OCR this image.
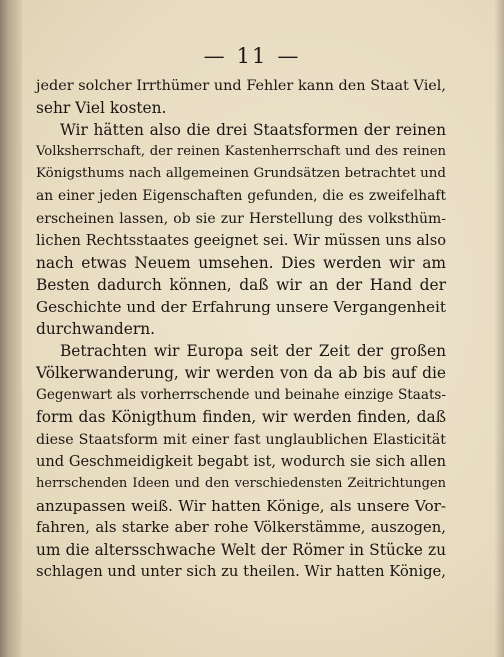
— 11 —
jeder solcher Irrthümer und Fehler kann den Staat Viel,
sehr Viel kosten.
Wir hätten also die drei Staatsformen der reinen
Volksherrschaft, der reinen Kastenherrschaft und des reinen
Königsthums nach allgemeinen Grundsätzen betrachtet und
an einer jeden Eigenschaften gefunden, die es zweifelhaft
erscheinen lassen, ob sie zur Herstellung des volksthüm-
lichen Rechtsstaates geeignet sei. Wir müssen uns also
nach etwas Neuem umsehen. Dies werden wir am
Besten dadurch können, daß wir an der Hand der
Geschichte und der Erfahrung unsere Vergangenheit
durchwandern.
Betrachten wir Europa seit der Zeit der großen
Völkerwanderung, wir werden von da ab bis auf die
Gegenwart als vorherrschende und beinahe einzige Staats-
form das Königthum finden, wir werden finden, daß
diese Staatsform mit einer fast unglaublichen Elasticität
und Geschmeidigkeit begabt ist, wodurch sie sich allen
herrschenden Ideen und den verschiedensten Zeitrichtungen
anzupassen weiß. Wir hatten Könige, als unsere Vor-
fahren, als starke aber rohe Völkerstämme, auszogen,
um die altersschwache Welt der Römer in Stücke zu
schlagen und unter sich zu theilen. Wir hatten Könige,
